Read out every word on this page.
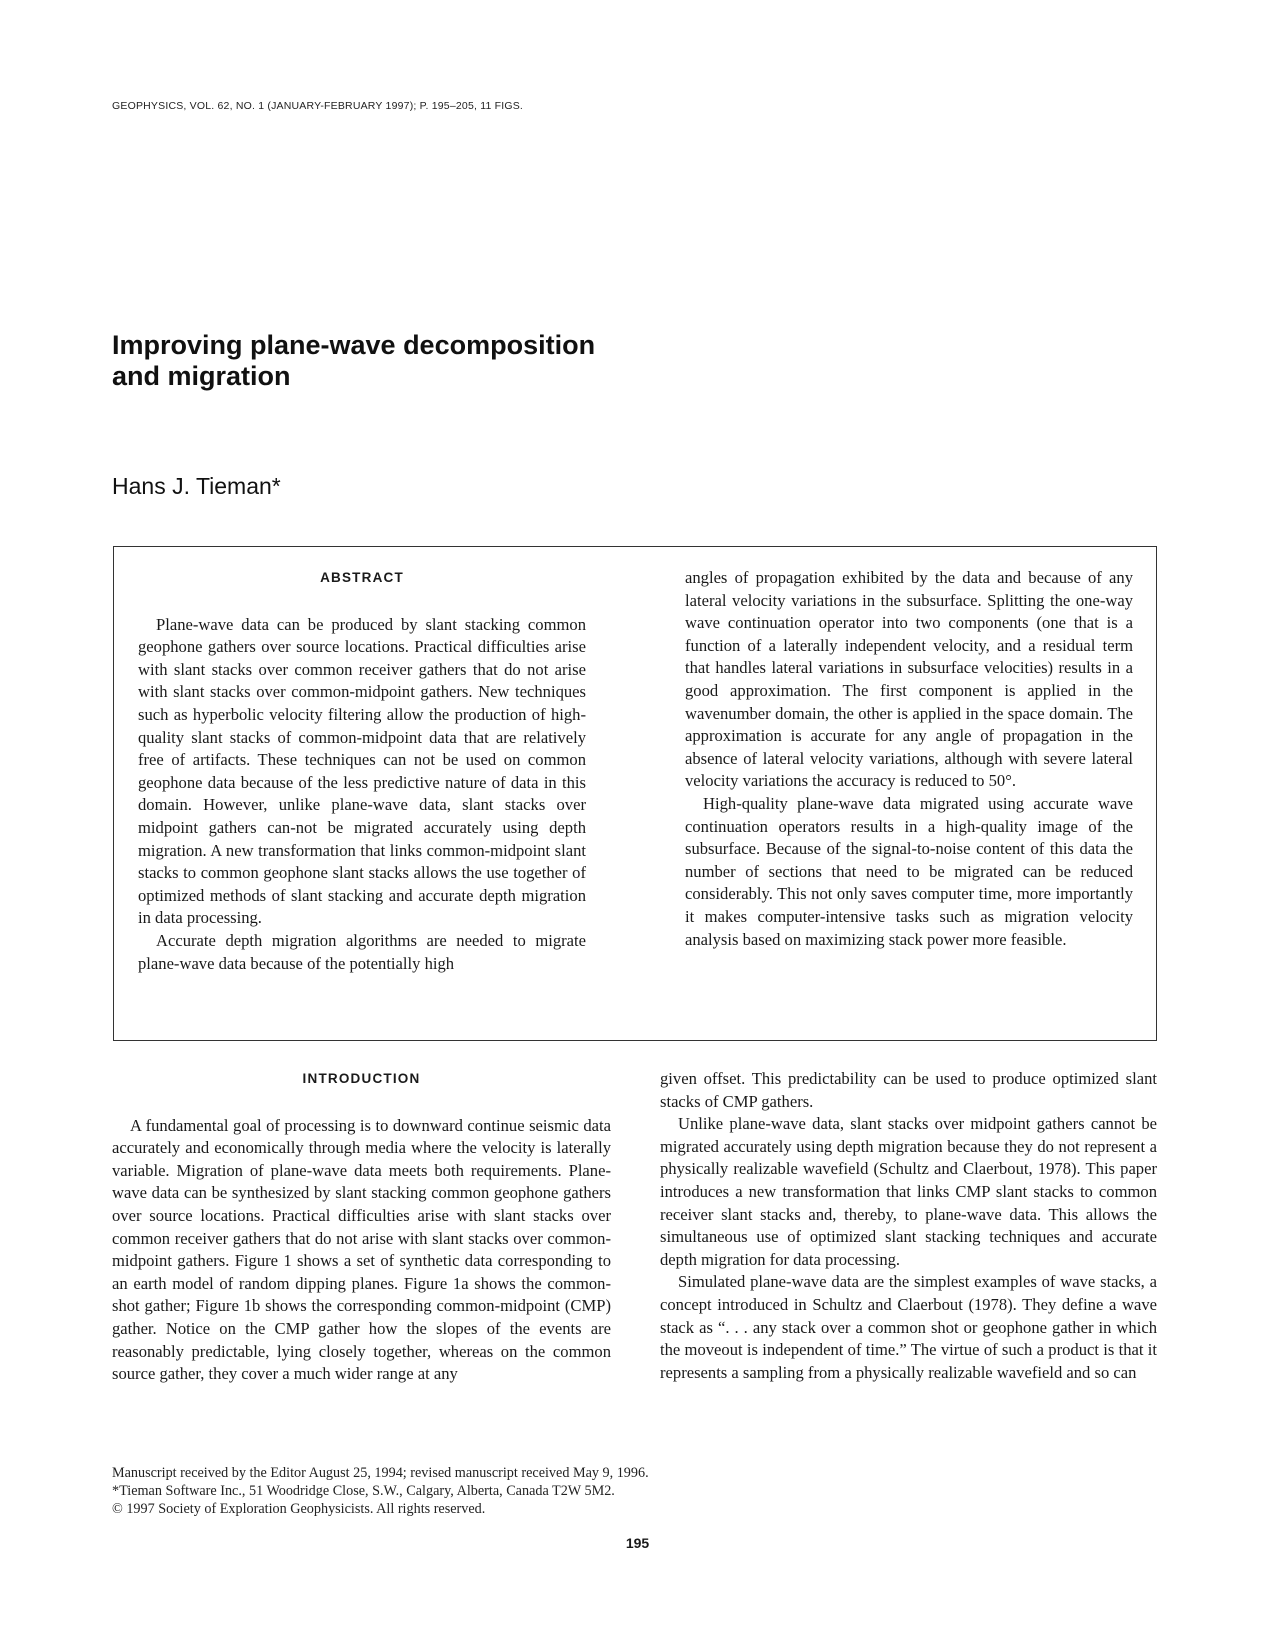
GEOPHYSICS, VOL. 62, NO. 1 (JANUARY-FEBRUARY 1997); P. 195–205, 11 FIGS.
Improving plane-wave decomposition
and migration
Hans J. Tieman*
ABSTRACT

Plane-wave data can be produced by slant stacking common geophone gathers over source locations. Practical difficulties arise with slant stacks over common receiver gathers that do not arise with slant stacks over common-midpoint gathers. New techniques such as hyperbolic velocity filtering allow the production of high-quality slant stacks of common-midpoint data that are relatively free of artifacts. These techniques can not be used on common geophone data because of the less predictive nature of data in this domain. However, unlike plane-wave data, slant stacks over midpoint gathers can-not be migrated accurately using depth migration. A new transformation that links common-midpoint slant stacks to common geophone slant stacks allows the use together of optimized methods of slant stacking and accurate depth migration in data processing.

Accurate depth migration algorithms are needed to migrate plane-wave data because of the potentially high

angles of propagation exhibited by the data and because of any lateral velocity variations in the subsurface. Splitting the one-way wave continuation operator into two components (one that is a function of a laterally independent velocity, and a residual term that handles lateral variations in subsurface velocities) results in a good approximation. The first component is applied in the wavenumber domain, the other is applied in the space domain. The approximation is accurate for any angle of propagation in the absence of lateral velocity variations, although with severe lateral velocity variations the accuracy is reduced to 50°.

High-quality plane-wave data migrated using accurate wave continuation operators results in a high-quality image of the subsurface. Because of the signal-to-noise content of this data the number of sections that need to be migrated can be reduced considerably. This not only saves computer time, more importantly it makes computer-intensive tasks such as migration velocity analysis based on maximizing stack power more feasible.

INTRODUCTION

A fundamental goal of processing is to downward continue seismic data accurately and economically through media where the velocity is laterally variable. Migration of plane-wave data meets both requirements. Plane-wave data can be synthesized by slant stacking common geophone gathers over source locations. Practical difficulties arise with slant stacks over common receiver gathers that do not arise with slant stacks over common-midpoint gathers. Figure 1 shows a set of synthetic data corresponding to an earth model of random dipping planes. Figure 1a shows the common-shot gather; Figure 1b shows the corresponding common-midpoint (CMP) gather. Notice on the CMP gather how the slopes of the events are reasonably predictable, lying closely together, whereas on the common source gather, they cover a much wider range at any

given offset. This predictability can be used to produce optimized slant stacks of CMP gathers.

Unlike plane-wave data, slant stacks over midpoint gathers cannot be migrated accurately using depth migration because they do not represent a physically realizable wavefield (Schultz and Claerbout, 1978). This paper introduces a new transformation that links CMP slant stacks to common receiver slant stacks and, thereby, to plane-wave data. This allows the simultaneous use of optimized slant stacking techniques and accurate depth migration for data processing.

Simulated plane-wave data are the simplest examples of wave stacks, a concept introduced in Schultz and Claerbout (1978). They define a wave stack as “. . . any stack over a common shot or geophone gather in which the moveout is independent of time.” The virtue of such a product is that it represents a sampling from a physically realizable wavefield and so can

Manuscript received by the Editor August 25, 1994; revised manuscript received May 9, 1996.
*Tieman Software Inc., 51 Woodridge Close, S.W., Calgary, Alberta, Canada T2W 5M2.
© 1997 Society of Exploration Geophysicists. All rights reserved.
195
